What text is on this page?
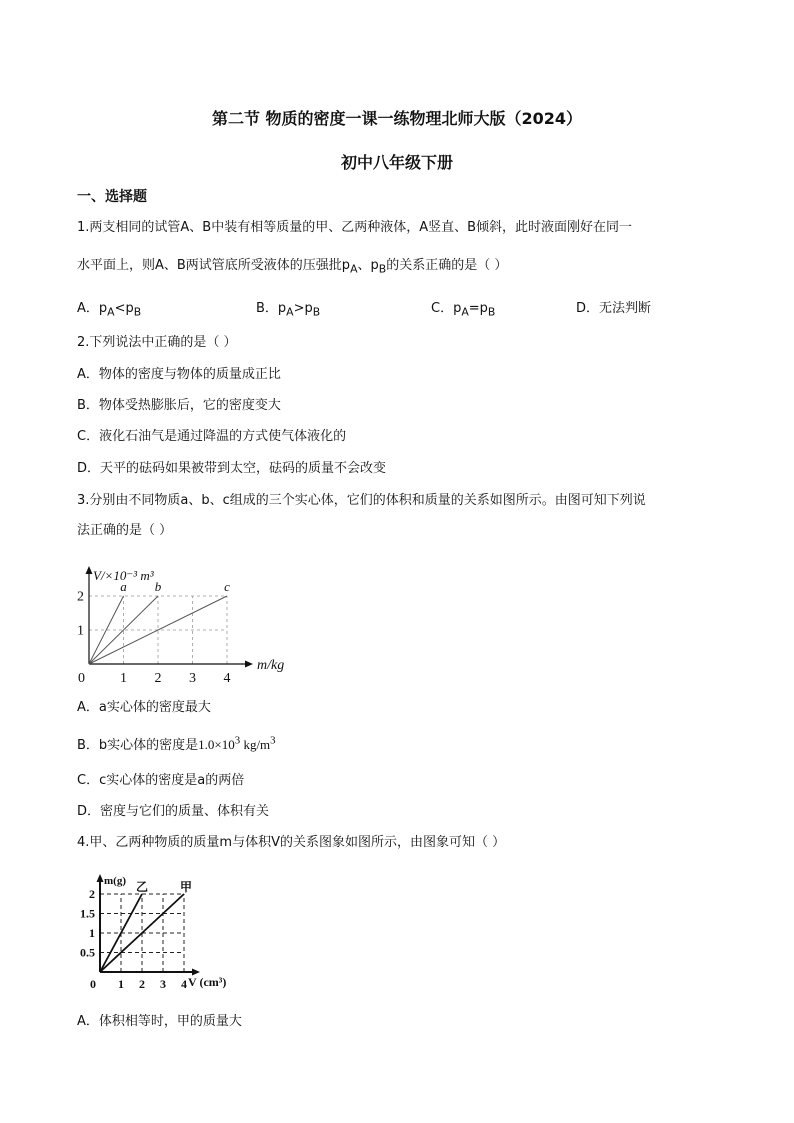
第二节 物质的密度一课一练物理北师大版（2024）
初中八年级下册
一、选择题
1.两支相同的试管A、B中装有相等质量的甲、乙两种液体，A竖直、B倾斜，此时液面刚好在同一
水平面上，则A、B两试管底所受液体的压强批$p_A$、$p_B$的关系正确的是（ ）
A．$p_A<p_B$	B．$p_A>p_B$	C．$p_A=p_B$	D．无法判断
2.下列说法中正确的是（ ）
A．物体的密度与物体的质量成正比
B．物体受热膨胀后，它的密度变大
C．液化石油气是通过降温的方式使气体液化的
D．天平的砝码如果被带到太空，砝码的质量不会改变
3.分别由不同物质a、b、c组成的三个实心体，它们的体积和质量的关系如图所示。由图可知下列说
法正确的是（ ）
a b	c
1 2 3 4
1
2
0
m/kg
V/×10⁻³ m³
A．a实心体的密度最大
B．b实心体的密度是$1.0\times 10^3$ $kg/m^3$
C．c实心体的密度是a的两倍
D．密度与它们的质量、体积有关
4.甲、乙两种物质的质量m与体积V的关系图象如图所示，由图象可知（ ）
乙	甲
1 2 3 4
0.5
1
1.5
2
0	V (cm³)
m(g)
A．体积相等时，甲的质量大
